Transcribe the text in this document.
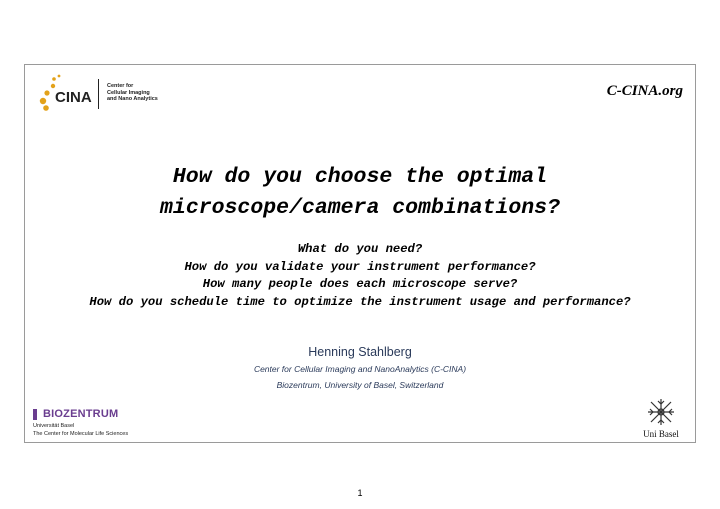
CINA
Center for
Cellular Imaging
and Nano Analytics	C-CINA.org
How do you choose the optimal
microscope/camera combinations?
What do you need?
How do you validate your instrument performance?
How many people does each microscope serve?
How do you schedule time to optimize the instrument usage and performance?
Henning Stahlberg
Center for Cellular Imaging and NanoAnalytics (C-CINA)
Biozentrum, University of Basel, Switzerland
BIOZENTRUM
Universität Basel
The Center for Molecular Life Sciences	Uni Basel
1
